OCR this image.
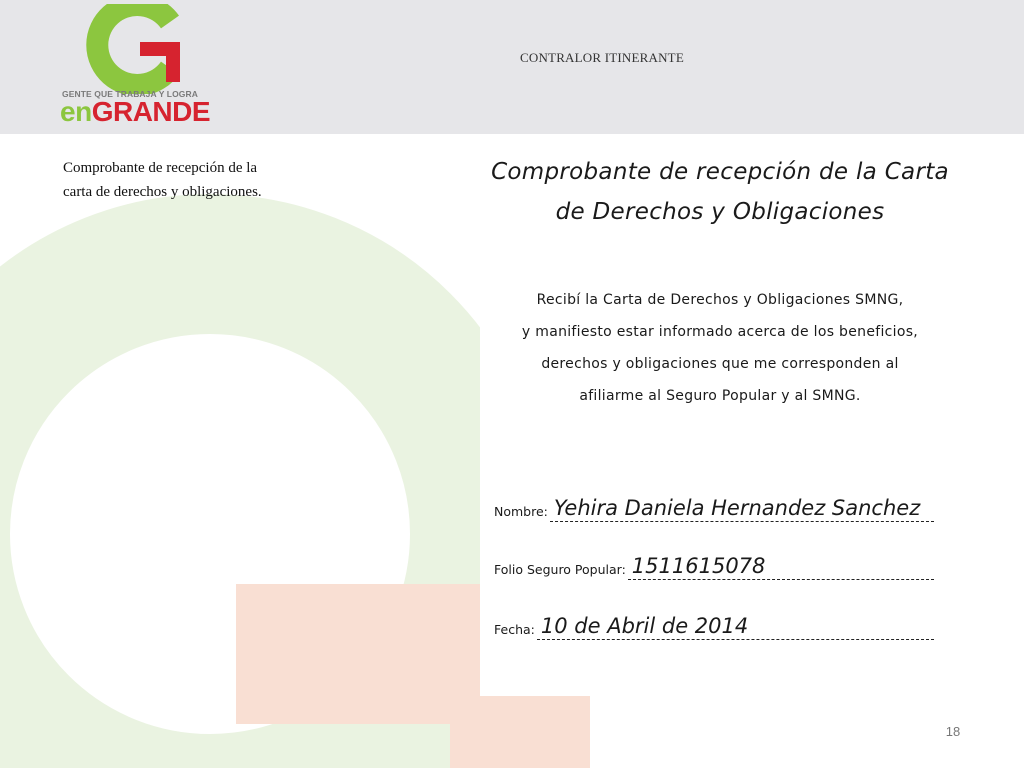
GENTE QUE TRABAJA Y LOGRA
enGRANDE
CONTRALOR ITINERANTE
Comprobante de recepción de la
carta de derechos y obligaciones.
Comprobante de recepción de la Carta
de Derechos y Obligaciones
Recibí la Carta de Derechos y Obligaciones SMNG,
y manifiesto estar informado acerca de los beneficios,
derechos y obligaciones que me corresponden al
afiliarme al Seguro Popular y al SMNG.
Nombre: Yehira Daniela Hernandez Sanchez
Folio Seguro Popular: 1511615078
Fecha: 10 de Abril de 2014
18
